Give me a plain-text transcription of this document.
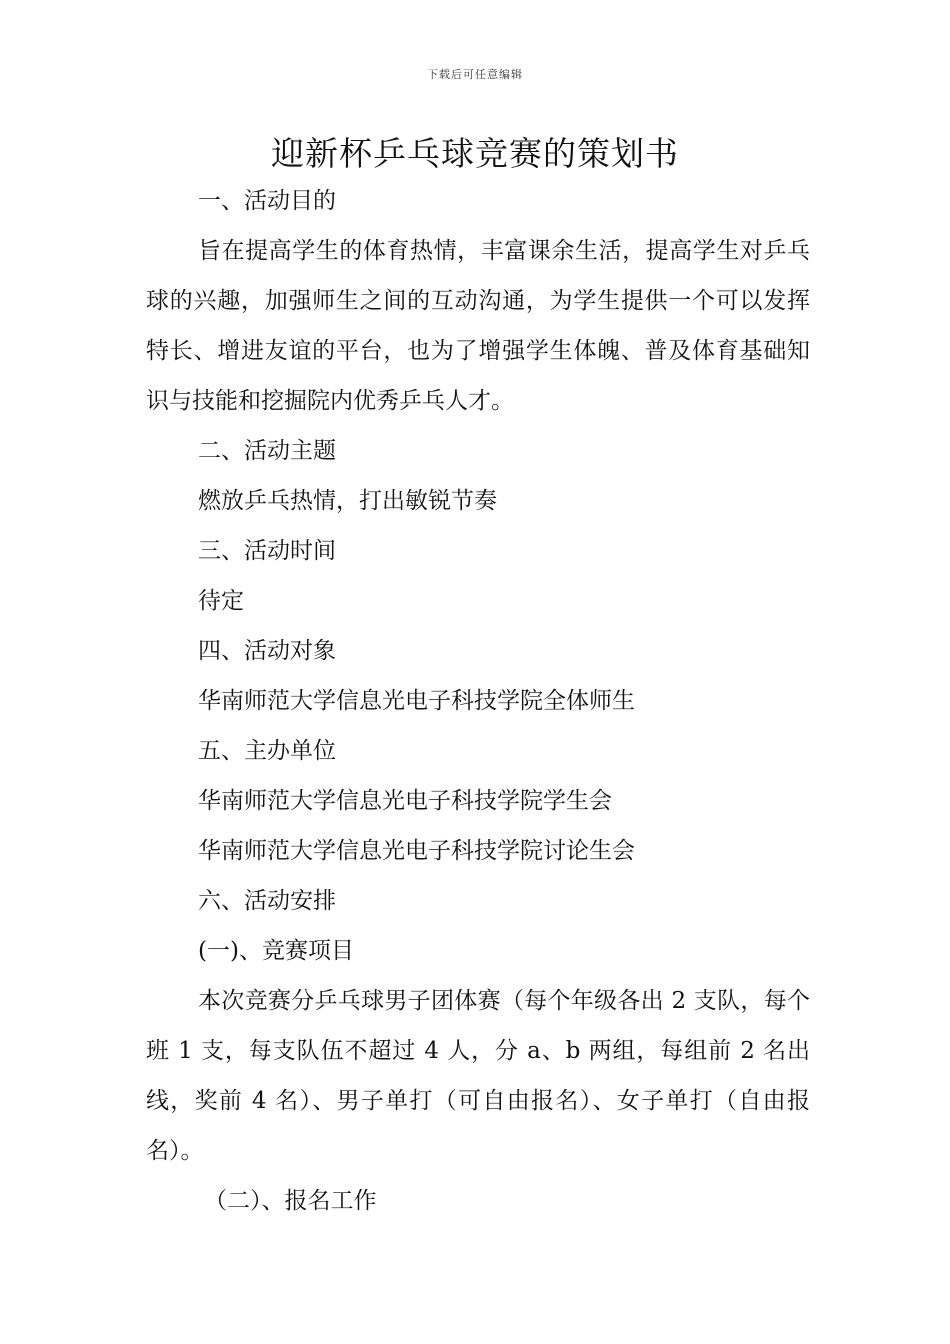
下载后可任意编辑
迎新杯乒乓球竞赛的策划书

一、活动目的

旨在提高学生的体育热情，丰富课余生活，提高学生对乒乓球的兴趣，加强师生之间的互动沟通，为学生提供一个可以发挥特长、增进友谊的平台，也为了增强学生体魄、普及体育基础知识与技能和挖掘院内优秀乒乓人才。

二、活动主题

燃放乒乓热情，打出敏锐节奏

三、活动时间

待定

四、活动对象

华南师范大学信息光电子科技学院全体师生

五、主办单位

华南师范大学信息光电子科技学院学生会

华南师范大学信息光电子科技学院讨论生会

六、活动安排

(一)、竞赛项目

本次竞赛分乒乓球男子团体赛（每个年级各出 2 支队，每个班 1 支，每支队伍不超过 4 人，分 a、b 两组，每组前 2 名出线，奖前 4 名）、男子单打（可自由报名）、女子单打（自由报名）。

（二）、报名工作
